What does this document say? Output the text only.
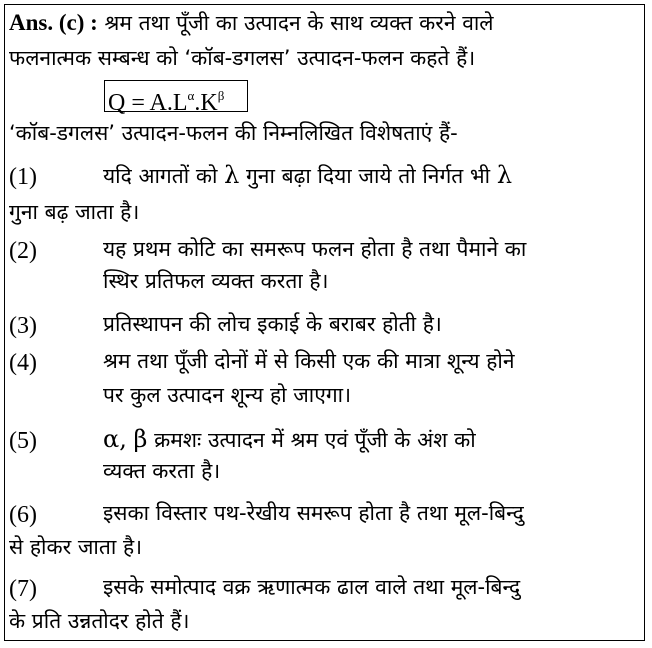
Ans. (c) : श्रम तथा पूँजी का उत्पादन के साथ व्यक्त करने वाले
फलनात्मक सम्बन्ध को ‘कॉब-डगलस’ उत्पादन-फलन कहते हैं।
$Q = A.L^\alpha.K^\beta$
‘कॉब-डगलस’ उत्पादन-फलन की निम्नलिखित विशेषताएं हैं-
(1)	यदि आगतों को λ गुना बढ़ा दिया जाये तो निर्गत भी λ
गुना बढ़ जाता है।
(2)	यह प्रथम कोटि का समरूप फलन होता है तथा पैमाने का
स्थिर प्रतिफल व्यक्त करता है।
(3)	प्रतिस्थापन की लोच इकाई के बराबर होती है।
(4)	श्रम तथा पूँजी दोनों में से किसी एक की मात्रा शून्य होने
पर कुल उत्पादन शून्य हो जाएगा।
(5)	α, β क्रमशः उत्पादन में श्रम एवं पूँजी के अंश को
व्यक्त करता है।
(6)	इसका विस्तार पथ-रेखीय समरूप होता है तथा मूल-बिन्दु
से होकर जाता है।
(7)	इसके समोत्पाद वक्र ऋणात्मक ढाल वाले तथा मूल-बिन्दु
के प्रति उन्नतोदर होते हैं।
